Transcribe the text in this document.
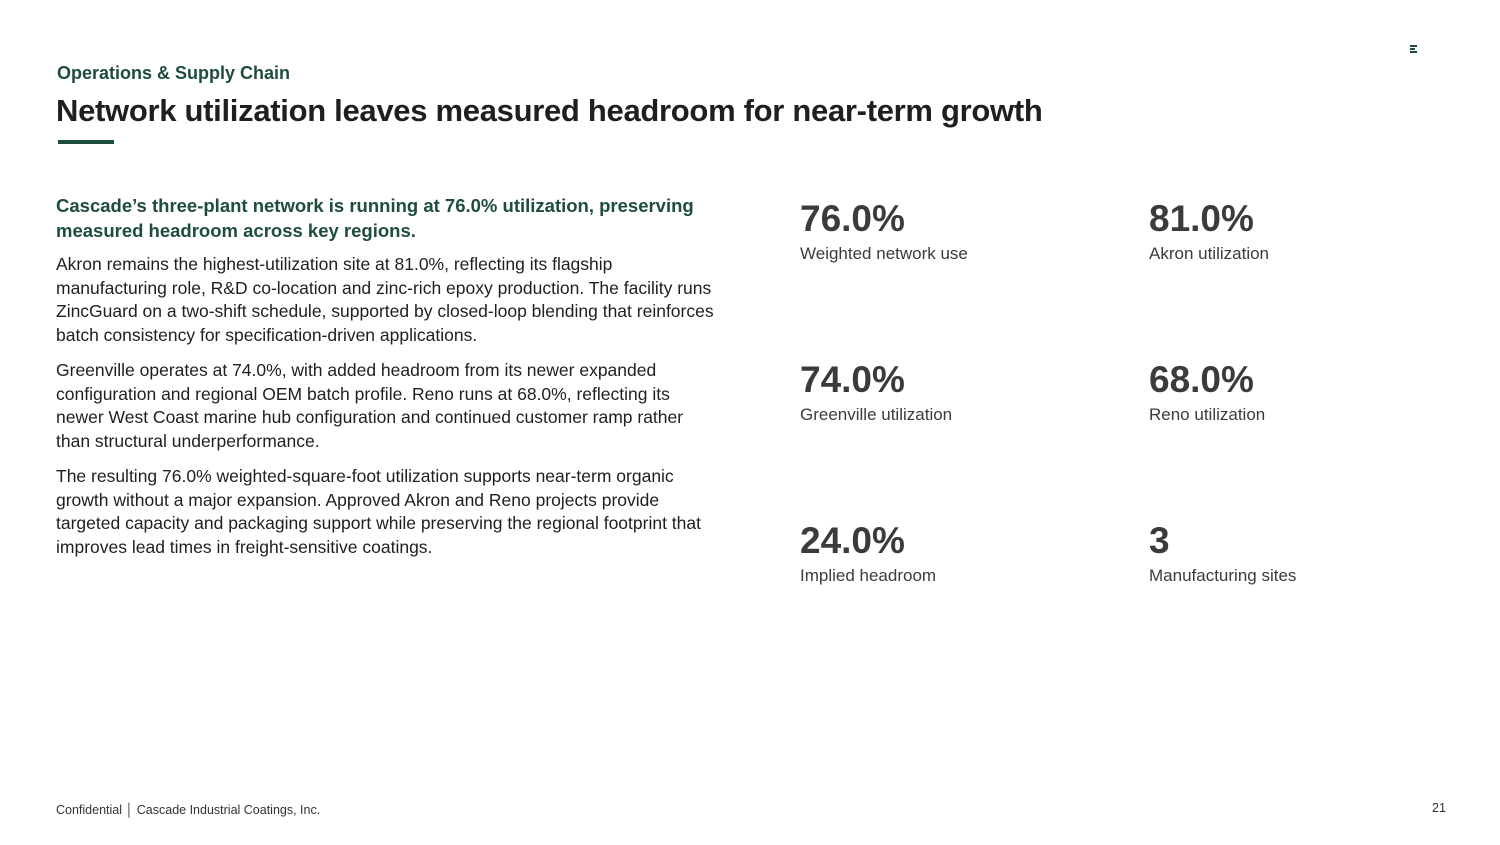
Operations & Supply Chain
Network utilization leaves measured headroom for near-term growth

Cascade’s three-plant network is running at 76.0% utilization, preserving measured headroom across key regions.

Akron remains the highest-utilization site at 81.0%, reflecting its flagship manufacturing role, R&D co-location and zinc-rich epoxy production. The facility runs ZincGuard on a two-shift schedule, supported by closed-loop blending that reinforces batch consistency for specification-driven applications.

Greenville operates at 74.0%, with added headroom from its newer expanded configuration and regional OEM batch profile. Reno runs at 68.0%, reflecting its newer West Coast marine hub configuration and continued customer ramp rather than structural underperformance.

The resulting 76.0% weighted-square-foot utilization supports near-term organic growth without a major expansion. Approved Akron and Reno projects provide targeted capacity and packaging support while preserving the regional footprint that improves lead times in freight-sensitive coatings.

76.0%
Weighted network use
81.0%
Akron utilization
74.0%
Greenville utilization
68.0%
Reno utilization
24.0%
Implied headroom
3
Manufacturing sites
Confidential │ Cascade Industrial Coatings, Inc.	21
